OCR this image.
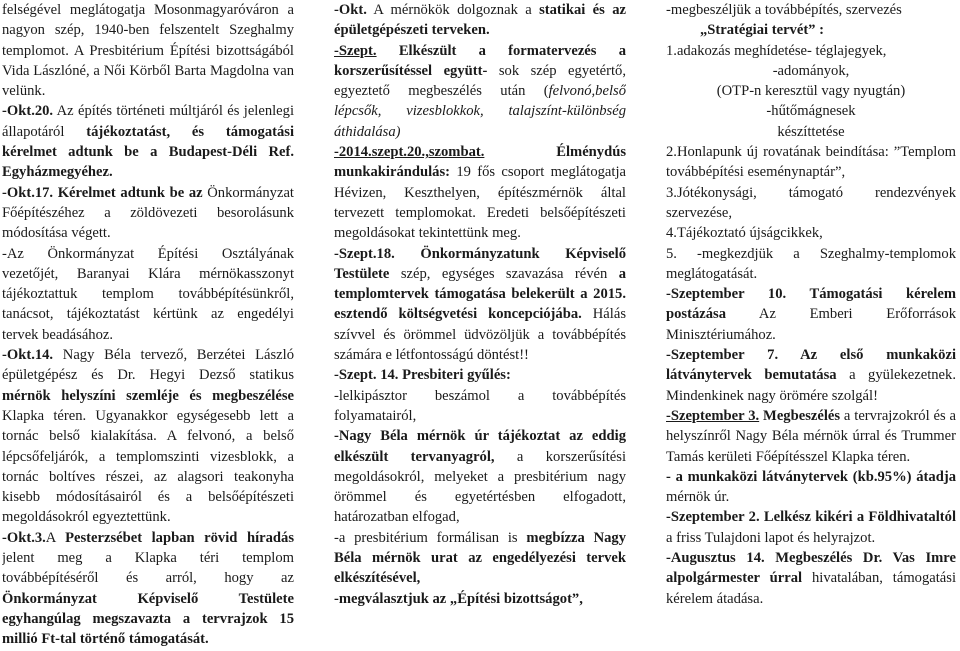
felségével meglátogatja Mosonmagyaróváron a nagyon szép, 1940-ben felszentelt Szeghalmy templomot. A Presbitérium Építési bizottságából Vida Lászlóné, a Női Körből Barta Magdolna van velünk.

-Okt.20. Az építés történeti múltjáról és jelenlegi állapotáról tájékoztatást, és támogatási kérelmet adtunk be a Budapest-Déli Ref. Egyházmegyéhez.

-Okt.17. Kérelmet adtunk be az Önkormányzat Főépítészéhez a zöldövezeti besorolásunk módosítása végett.

-Az Önkormányzat Építési Osztályának vezetőjét, Baranyai Klára mérnökasszonyt tájékoztattuk templom továbbépítésünkről, tanácsot, tájékoztatást kértünk az engedélyi tervek beadásához.

-Okt.14. Nagy Béla tervező, Berzétei László épületgépész és Dr. Hegyi Dezső statikus mérnök helyszíni szemléje és megbeszélése Klapka téren. Ugyanakkor egységesebb lett a tornác belső kialakítása. A felvonó, a belső lépcsőfeljárók, a templomszinti vizesblokk, a tornác boltíves részei, az alagsori teakonyha kisebb módosításairól és a belsőépítészeti megoldásokról egyeztettünk.

-Okt.3.A Pesterzsébet lapban rövid híradás jelent meg a Klapka téri templom továbbépítéséről és arról, hogy az Önkormányzat Képviselő Testülete egyhangúlag megszavazta a tervrajzok 15 millió Ft-tal történő támogatását.

-Okt. A mérnökök dolgoznak a statikai és az épületgépészeti terveken.

-Szept. Elkészült a formatervezés a korszerűsítéssel együtt- sok szép egyetértő, egyeztető megbeszélés után (felvonó,belső lépcsők, vizesblokkok, talajszínt-különbség áthidalása)

-2014.szept.20.,szombat.	Élménydús munkakirándulás: 19 fős csoport meglátogatja Hévizen, Keszthelyen, építészmérnök által tervezett templomokat. Eredeti belsőépítészeti megoldásokat tekintettünk meg.

-Szept.18. Önkormányzatunk Képviselő Testülete szép, egységes szavazása révén a templomtervek támogatása belekerült a 2015. esztendő költségvetési koncepciójába. Hálás szívvel és örömmel üdvözöljük a továbbépítés számára e létfontosságú döntést!!

-Szept. 14. Presbiteri gyűlés:

-lelkipásztor beszámol a továbbépítés folyamatairól,

-Nagy Béla mérnök úr tájékoztat az eddig elkészült tervanyagról, a korszerűsítési megoldásokról, melyeket a presbitérium nagy örömmel és egyetértésben elfogadott, határozatban elfogad,

-a presbitérium formálisan is megbízza Nagy Béla mérnök urat az engedélyezési tervek elkészítésével,

-megválasztjuk az „Építési bizottságot”,

-megbeszéljük a továbbépítés, szervezés

„Stratégiai tervét” :

1.adakozás meghídetése- téglajegyek,

-adományok,

(OTP-n keresztül vagy nyugtán)

-hűtőmágnesek

készíttetése

2.Honlapunk új rovatának beindítása: ”Templom továbbépítési eseménynaptár”,

3.Jótékonysági, támogató rendezvények szervezése,

4.Tájékoztató újságcikkek,

5. -megkezdjük a Szeghalmy-templomok meglátogatását.

-Szeptember 10. Támogatási kérelem postázása Az Emberi Erőforrások Minisztériumához.

-Szeptember 7. Az első munkaközi látványtervek bemutatása a gyülekezetnek. Mindenkinek nagy örömére szolgál!

-Szeptember 3. Megbeszélés a tervrajzokról és a helyszínről Nagy Béla mérnök úrral és Trummer Tamás kerületi Főépítésszel Klapka téren.

- a munkaközi látványtervek (kb.95%) átadja mérnök úr.

-Szeptember 2. Lelkész kikéri a Földhivataltól a friss Tulajdoni lapot és helyrajzot.

-Augusztus 14. Megbeszélés Dr. Vas Imre alpolgármester úrral hivatalában, támogatási kérelem átadása.
